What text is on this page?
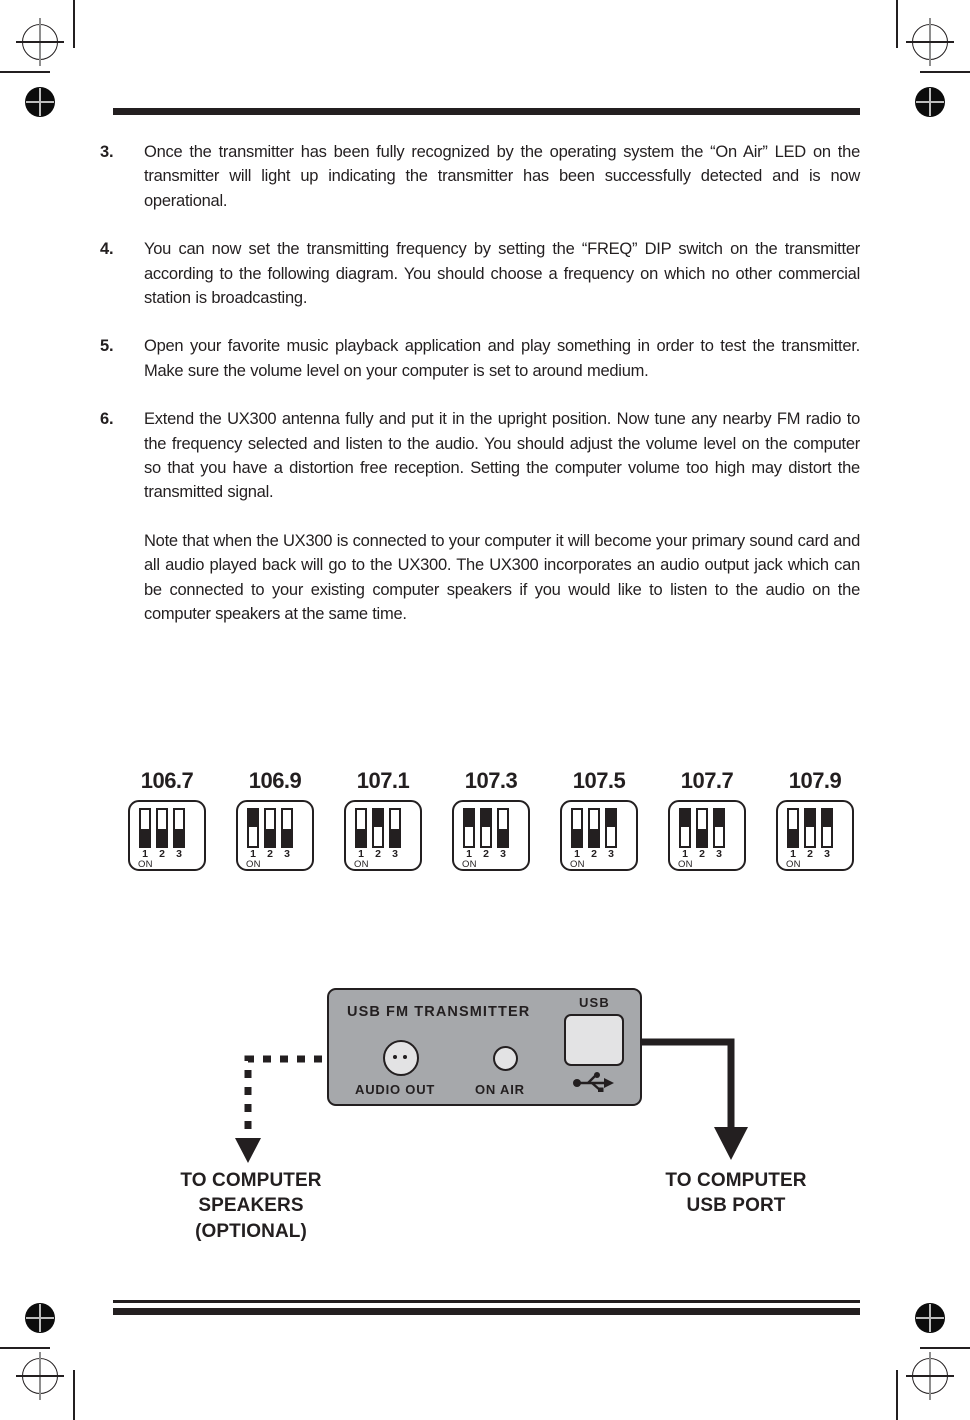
3.	Once the transmitter has been fully recognized by the operating system the “On Air” LED on the transmitter will light up indicating the transmitter has been successfully detected and is now operational.
4.	You can now set the transmitting frequency by setting the “FREQ” DIP switch on the transmitter according to the following diagram. You should choose a frequency on which no other commercial station is broadcasting.
5.	Open your favorite music playback application and play something in order to test the transmitter. Make sure the volume level on your computer is set to around medium.
6.	Extend the UX300 antenna fully and put it in the upright position. Now tune any nearby FM radio to the frequency selected and listen to the audio. You should adjust the volume level on the computer so that you have a distortion free reception. Setting the computer volume too high may distort the transmitted signal.
Note that when the UX300 is connected to your computer it will become your primary sound card and all audio played back will go to the UX300. The UX300 incorporates an audio output jack which can be connected to your existing computer speakers if you would like to listen to the audio on the computer speakers at the same time.
106.7
1 2 3
ON
106.9
1 2 3
ON
107.1
1 2 3
ON
107.3
1 2 3
ON
107.5
1 2 3
ON
107.7
1 2 3
ON
107.9
1 2 3
ON
USB FM TRANSMITTER
USB
AUDIO OUT	ON AIR
TO COMPUTER
SPEAKERS
(OPTIONAL)
TO COMPUTER
USB PORT
